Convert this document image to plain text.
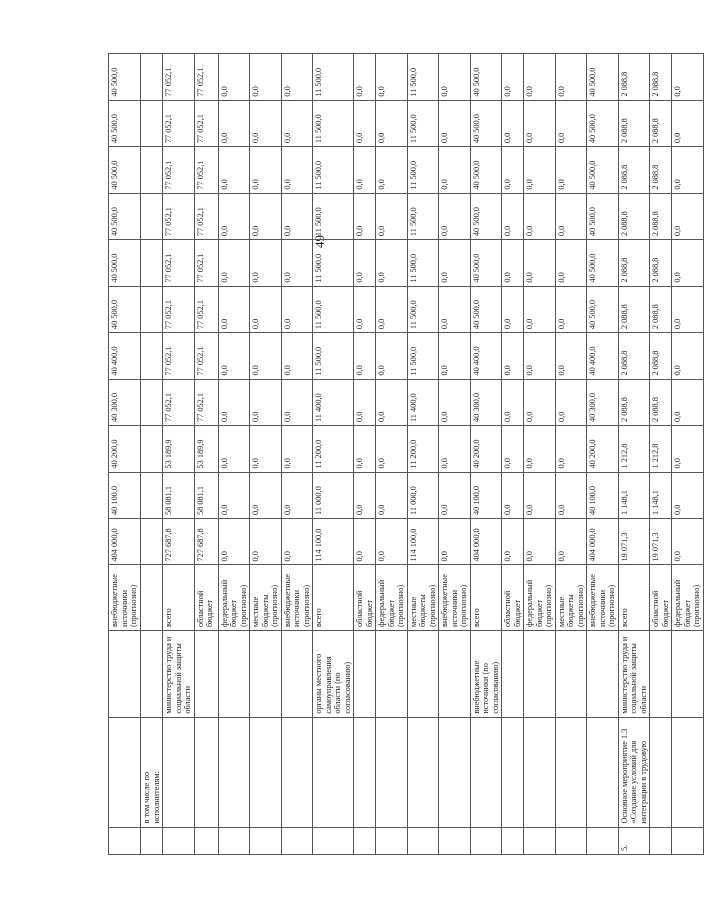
49
			внебюджетные источники (прогнозно)	404 000,0	40 100,0	40 200,0	40 300,0	40 400,0	40 500,0	40 500,0	40 500,0	40 500,0	40 500,0	40 500,0
	в том числе по исполнителям:													
		министерство труда и социальной защиты области	всего	727 687,8	58 081,1	53 189,9	77 052,1	77 052,1	77 052,1	77 052,1	77 052,1	77 052,1	77 052,1	77 052,1
			областной бюджет	727 687,8	58 081,1	53 189,9	77 052,1	77 052,1	77 052,1	77 052,1	77 052,1	77 052,1	77 052,1	77 052,1
			федеральный бюджет (прогнозно)	0,0	0,0	0,0	0,0	0,0	0,0	0,0	0,0	0,0	0,0	0,0
			местные бюджеты (прогнозно)	0,0	0,0	0,0	0,0	0,0	0,0	0,0	0,0	0,0	0,0	0,0
			внебюджетные источники (прогнозно)	0,0	0,0	0,0	0,0	0,0	0,0	0,0	0,0	0,0	0,0	0,0
		органы местного самоуправления области (по согласованию)	всего	114 100,0	11 000,0	11 200,0	11 400,0	11 500,0	11 500,0	11 500,0	11 500,0	11 500,0	11 500,0	11 500,0
			областной бюджет	0,0	0,0	0,0	0,0	0,0	0,0	0,0	0,0	0,0	0,0	0,0
			федеральный бюджет (прогнозно)	0,0	0,0	0,0	0,0	0,0	0,0	0,0	0,0	0,0	0,0	0,0
			местные бюджеты (прогнозно)	114 100,0	11 000,0	11 200,0	11 400,0	11 500,0	11 500,0	11 500,0	11 500,0	11 500,0	11 500,0	11 500,0
			внебюджетные источники (прогнозно)	0,0	0,0	0,0	0,0	0,0	0,0	0,0	0,0	0,0	0,0	0,0
		внебюджетные источники (по согласованию)	всего	404 000,0	40 100,0	40 200,0	40 300,0	40 400,0	40 500,0	40 500,0	40 500,0	40 500,0	40 500,0	40 500,0
			областной бюджет	0,0	0,0	0,0	0,0	0,0	0,0	0,0	0,0	0,0	0,0	0,0
			федеральный бюджет (прогнозно)	0,0	0,0	0,0	0,0	0,0	0,0	0,0	0,0	0,0	0,0	0,0
			местные бюджеты (прогнозно)	0,0	0,0	0,0	0,0	0,0	0,0	0,0	0,0	0,0	0,0	0,0
			внебюджетные источники (прогнозно)	404 000,0	40 100,0	40 200,0	40 300,0	40 400,0	40 500,0	40 500,0	40 500,0	40 500,0	40 500,0	40 500,0
5.	Основное мероприятие 1.3 «Создание условий для интеграции в трудовую	министерство труда и социальной защиты области	всего	19 071,3	1 148,1	1 212,8	2 088,8	2 088,8	2 088,8	2 088,8	2 088,8	2 088,8	2 088,8	2 088,8
			областной бюджет	19 071,3	1 148,1	1 212,8	2 088,8	2 088,8	2 088,8	2 088,8	2 088,8	2 088,8	2 088,8	2 088,8
			федеральный бюджет (прогнозно)	0,0	0,0	0,0	0,0	0,0	0,0	0,0	0,0	0,0	0,0	0,0
